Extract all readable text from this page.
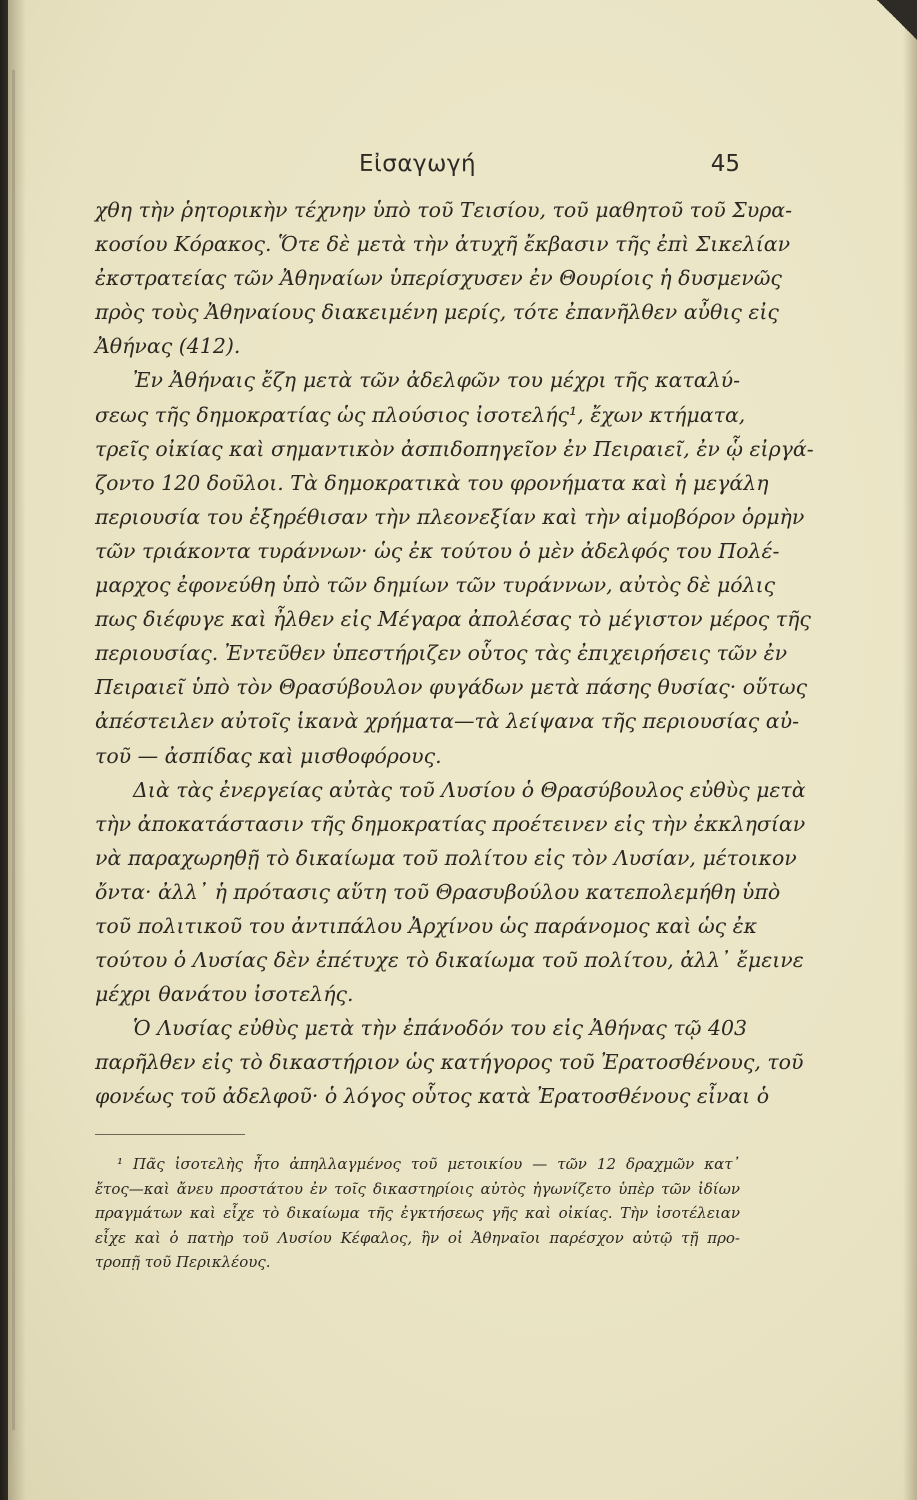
Εἰσαγωγή	45
χθη τὴν ῥητορικὴν τέχνην ὑπὸ τοῦ Τεισίου, τοῦ μαθητοῦ τοῦ Συρα-
κοσίου Κόρακος. Ὅτε δὲ μετὰ τὴν ἀτυχῆ ἔκβασιν τῆς ἐπὶ Σικελίαν
ἐκστρατείας τῶν Ἀθηναίων ὑπερίσχυσεν ἐν Θουρίοις ἡ δυσμενῶς
πρὸς τοὺς Ἀθηναίους διακειμένη μερίς, τότε ἐπανῆλθεν αὖθις εἰς
Ἀθήνας (412).
Ἐν Ἀθήναις ἔζη μετὰ τῶν ἀδελφῶν του μέχρι τῆς καταλύ-
σεως τῆς δημοκρατίας ὡς πλούσιος ἰσοτελής¹, ἔχων κτήματα,
τρεῖς οἰκίας καὶ σημαντικὸν ἀσπιδοπηγεῖον ἐν Πειραιεῖ, ἐν ᾧ εἰργά-
ζοντο 120 δοῦλοι. Τὰ δημοκρατικὰ του φρονήματα καὶ ἡ μεγάλη
περιουσία του ἐξηρέθισαν τὴν πλεονεξίαν καὶ τὴν αἱμοβόρον ὁρμὴν
τῶν τριάκοντα τυράννων· ὡς ἐκ τούτου ὁ μὲν ἀδελφός του Πολέ-
μαρχος ἐφονεύθη ὑπὸ τῶν δημίων τῶν τυράννων, αὐτὸς δὲ μόλις
πως διέφυγε καὶ ἦλθεν εἰς Μέγαρα ἀπολέσας τὸ μέγιστον μέρος τῆς
περιουσίας. Ἐντεῦθεν ὑπεστήριζεν οὗτος τὰς ἐπιχειρήσεις τῶν ἐν
Πειραιεῖ ὑπὸ τὸν Θρασύβουλον φυγάδων μετὰ πάσης θυσίας· οὕτως
ἀπέστειλεν αὐτοῖς ἱκανὰ χρήματα—τὰ λείψανα τῆς περιουσίας αὐ-
τοῦ — ἀσπίδας καὶ μισθοφόρους.
Διὰ τὰς ἐνεργείας αὐτὰς τοῦ Λυσίου ὁ Θρασύβουλος εὐθὺς μετὰ
τὴν ἀποκατάστασιν τῆς δημοκρατίας προέτεινεν εἰς τὴν ἐκκλησίαν
νὰ παραχωρηθῇ τὸ δικαίωμα τοῦ πολίτου εἰς τὸν Λυσίαν, μέτοικον
ὄντα· ἀλλ᾽ ἡ πρότασις αὕτη τοῦ Θρασυβούλου κατεπολεμήθη ὑπὸ
τοῦ πολιτικοῦ του ἀντιπάλου Ἀρχίνου ὡς παράνομος καὶ ὡς ἐκ
τούτου ὁ Λυσίας δὲν ἐπέτυχε τὸ δικαίωμα τοῦ πολίτου, ἀλλ᾽ ἔμεινε
μέχρι θανάτου ἰσοτελής.
Ὁ Λυσίας εὐθὺς μετὰ τὴν ἐπάνοδόν του εἰς Ἀθήνας τῷ 403
παρῆλθεν εἰς τὸ δικαστήριον ὡς κατήγορος τοῦ Ἐρατοσθένους, τοῦ
φονέως τοῦ ἀδελφοῦ· ὁ λόγος οὗτος κατὰ Ἐρατοσθένους εἶναι ὁ
¹ Πᾶς ἰσοτελὴς ἦτο ἀπηλλαγμένος τοῦ μετοικίου — τῶν 12 δραχμῶν κατ᾽
ἔτος—καὶ ἄνευ προστάτου ἐν τοῖς δικαστηρίοις αὐτὸς ἠγωνίζετο ὑπὲρ τῶν ἰδίων
πραγμάτων καὶ εἶχε τὸ δικαίωμα τῆς ἐγκτήσεως γῆς καὶ οἰκίας. Τὴν ἰσοτέλειαν
εἶχε καὶ ὁ πατὴρ τοῦ Λυσίου Κέφαλος, ἣν οἱ Ἀθηναῖοι παρέσχον αὐτῷ τῇ προ-
τροπῇ τοῦ Περικλέους.
